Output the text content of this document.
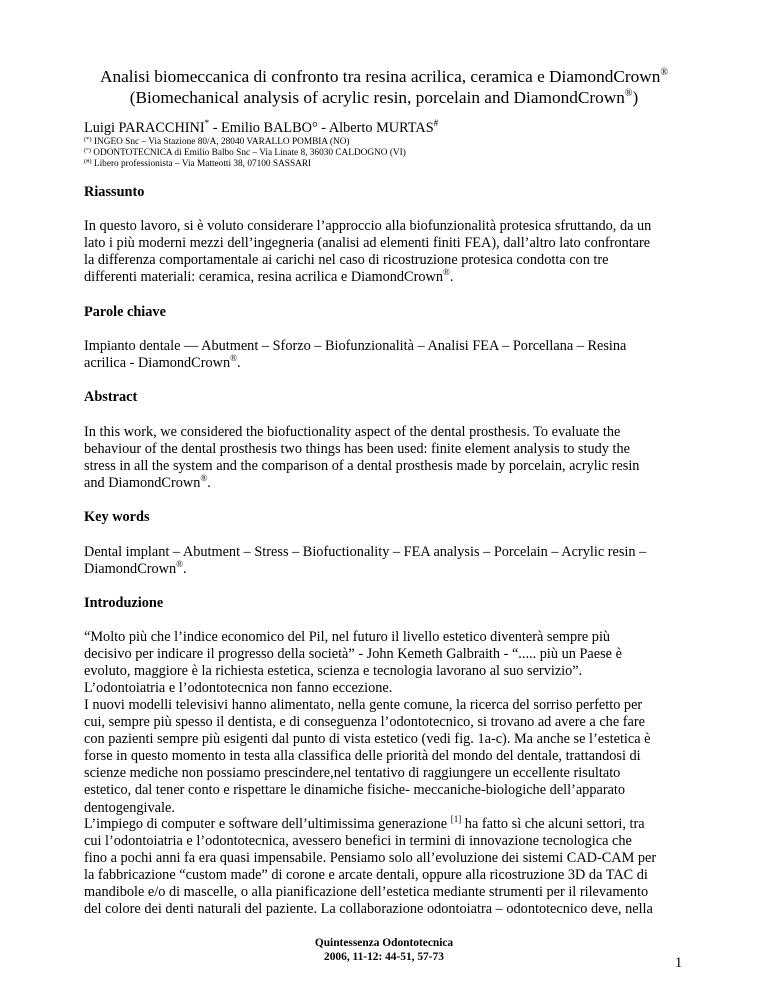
Analisi biomeccanica di confronto tra resina acrilica, ceramica e DiamondCrown®
(Biomechanical analysis of acrylic resin, porcelain and DiamondCrown®)
Luigi PARACCHINI* - Emilio BALBO° - Alberto MURTAS#
(*) INGEO Snc – Via Stazione 80/A, 28040 VARALLO POMBIA (NO)
(°) ODONTOTECNICA di Emilio Balbo Snc – Via Linate 8, 36030 CALDOGNO (VI)
(#) Libero professionista – Via Matteotti 38, 07100 SASSARI
Riassunto
In questo lavoro, si è voluto considerare l’approccio alla biofunzionalità protesica sfruttando, da un
lato i più moderni mezzi dell’ingegneria (analisi ad elementi finiti FEA), dall’altro lato confrontare
la differenza comportamentale ai carichi nel caso di ricostruzione protesica condotta con tre
differenti materiali: ceramica, resina acrilica e DiamondCrown®.
Parole chiave
Impianto dentale — Abutment – Sforzo – Biofunzionalità – Analisi FEA – Porcellana – Resina
acrilica - DiamondCrown®.
Abstract
In this work, we considered the biofuctionality aspect of the dental prosthesis. To evaluate the
behaviour of the dental prosthesis two things has been used: finite element analysis to study the
stress in all the system and the comparison of a dental prosthesis made by porcelain, acrylic resin
and DiamondCrown®.
Key words
Dental implant – Abutment – Stress – Biofuctionality – FEA analysis – Porcelain – Acrylic resin –
DiamondCrown®.
Introduzione
“Molto più che l’indice economico del Pil, nel futuro il livello estetico diventerà sempre più
decisivo per indicare il progresso della società” - John Kemeth Galbraith - “..... più un Paese è
evoluto, maggiore è la richiesta estetica, scienza e tecnologia lavorano al suo servizio”.
L’odontoiatria e l’odontotecnica non fanno eccezione.
I nuovi modelli televisivi hanno alimentato, nella gente comune, la ricerca del sorriso perfetto per
cui, sempre più spesso il dentista, e di conseguenza l’odontotecnico, si trovano ad avere a che fare
con pazienti sempre più esigenti dal punto di vista estetico (vedi fig. 1a-c). Ma anche se l’estetica è
forse in questo momento in testa alla classifica delle priorità del mondo del dentale, trattandosi di
scienze mediche non possiamo prescindere,nel tentativo di raggiungere un eccellente risultato
estetico, dal tener conto e rispettare le dinamiche fisiche- meccaniche-biologiche dell’apparato
dentogengivale.
L’impiego di computer e software dell’ultimissima generazione [1] ha fatto sì che alcuni settori, tra
cui l’odontoiatria e l’odontotecnica, avessero benefici in termini di innovazione tecnologica che
fino a pochi anni fa era quasi impensabile. Pensiamo solo all’evoluzione dei sistemi CAD-CAM per
la fabbricazione “custom made” di corone e arcate dentali, oppure alla ricostruzione 3D da TAC di
mandibole e/o di mascelle, o alla pianificazione dell’estetica mediante strumenti per il rilevamento
del colore dei denti naturali del paziente. La collaborazione odontoiatra – odontotecnico deve, nella
Quintessenza Odontotecnica
2006, 11-12: 44-51, 57-73	1
